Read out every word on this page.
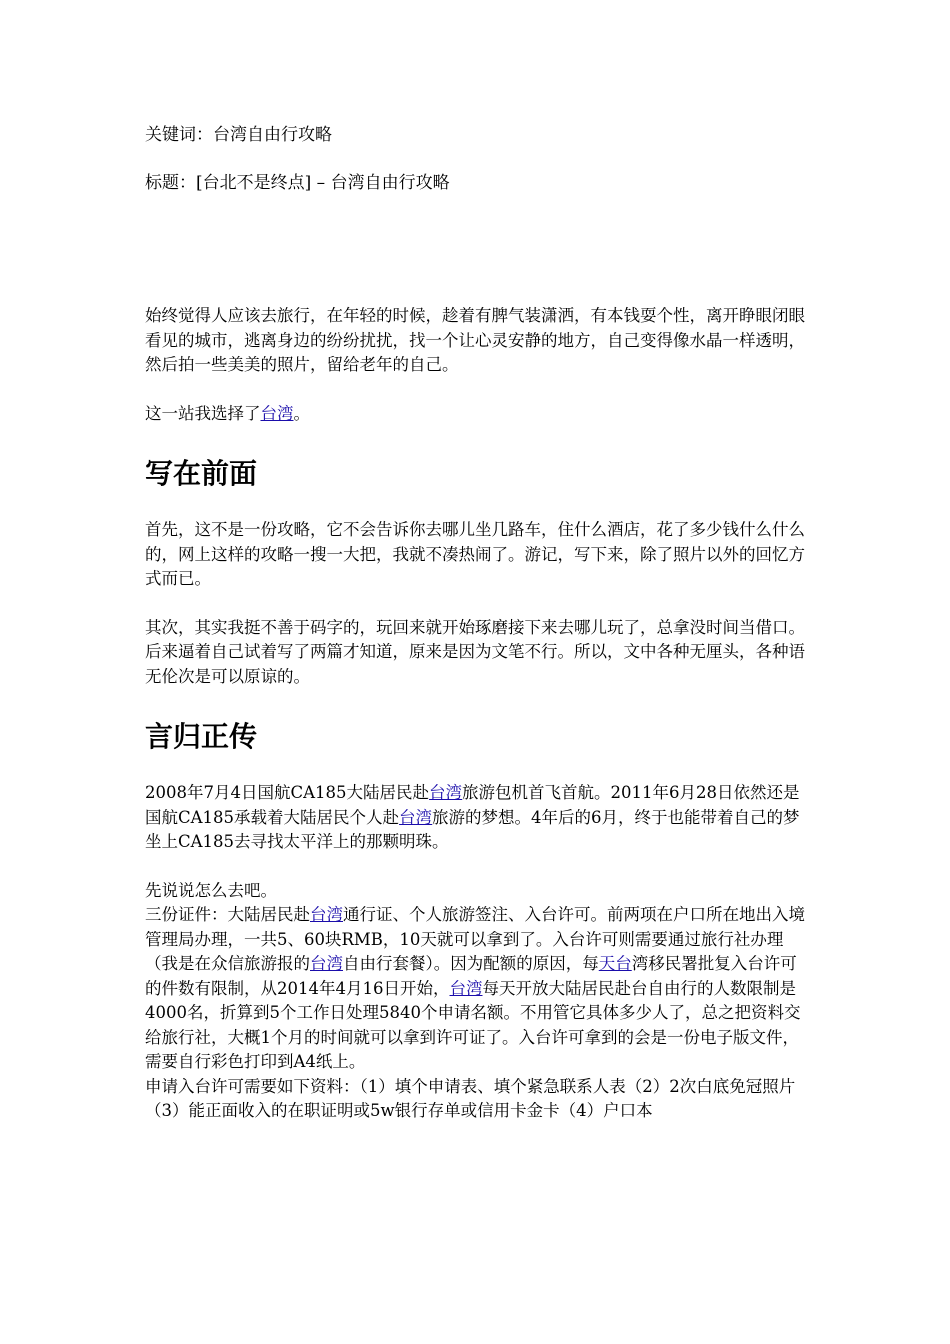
关键词：台湾自由行攻略

标题：[台北不是终点] – 台湾自由行攻略

始终觉得人应该去旅行，在年轻的时候，趁着有脾气装潇洒，有本钱耍个性，离开睁眼闭眼看见的城市，逃离身边的纷纷扰扰，找一个让心灵安静的地方，自己变得像水晶一样透明，然后拍一些美美的照片，留给老年的自己。

这一站我选择了台湾。

写在前面

首先，这不是一份攻略，它不会告诉你去哪儿坐几路车，住什么酒店，花了多少钱什么什么的，网上这样的攻略一搜一大把，我就不凑热闹了。游记，写下来，除了照片以外的回忆方式而已。

其次，其实我挺不善于码字的，玩回来就开始琢磨接下来去哪儿玩了，总拿没时间当借口。后来逼着自己试着写了两篇才知道，原来是因为文笔不行。所以，文中各种无厘头，各种语无伦次是可以原谅的。

言归正传

2008年7月4日国航CA185大陆居民赴台湾旅游包机首飞首航。2011年6月28日依然还是国航CA185承载着大陆居民个人赴台湾旅游的梦想。4年后的6月，终于也能带着自己的梦坐上CA185去寻找太平洋上的那颗明珠。

先说说怎么去吧。

三份证件：大陆居民赴台湾通行证、个人旅游签注、入台许可。前两项在户口所在地出入境管理局办理，一共5、60块RMB，10天就可以拿到了。入台许可则需要通过旅行社办理（我是在众信旅游报的台湾自由行套餐）。因为配额的原因，每天台湾移民署批复入台许可的件数有限制，从2014年4月16日开始，台湾每天开放大陆居民赴台自由行的人数限制是4000名，折算到5个工作日处理5840个申请名额。不用管它具体多少人了，总之把资料交给旅行社，大概1个月的时间就可以拿到许可证了。入台许可拿到的会是一份电子版文件，需要自行彩色打印到A4纸上。

申请入台许可需要如下资料：（1）填个申请表、填个紧急联系人表（2）2次白底免冠照片（3）能正面收入的在职证明或5w银行存单或信用卡金卡（4）户口本
